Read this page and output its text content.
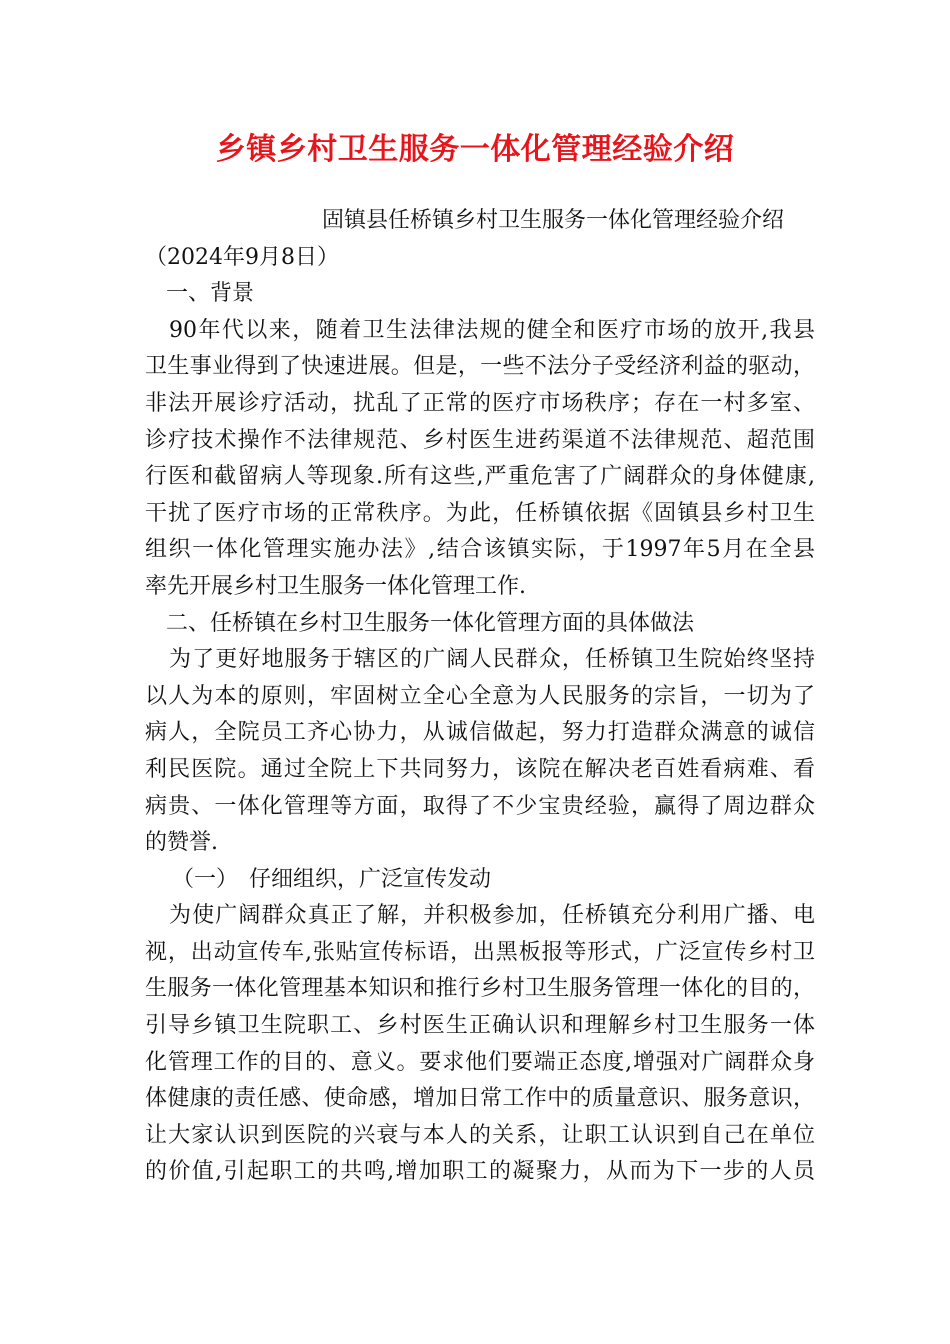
乡镇乡村卫生服务一体化管理经验介绍
固镇县任桥镇乡村卫生服务一体化管理经验介绍
（2024年9月8日）
一、背景
90年代以来，随着卫生法律法规的健全和医疗市场的放开,我县
卫生事业得到了快速进展。但是，一些不法分子受经济利益的驱动，
非法开展诊疗活动，扰乱了正常的医疗市场秩序；存在一村多室、
诊疗技术操作不法律规范、乡村医生进药渠道不法律规范、超范围
行医和截留病人等现象.所有这些,严重危害了广阔群众的身体健康,
干扰了医疗市场的正常秩序。为此，任桥镇依据《固镇县乡村卫生
组织一体化管理实施办法》,结合该镇实际，于1997年5月在全县
率先开展乡村卫生服务一体化管理工作.
二、任桥镇在乡村卫生服务一体化管理方面的具体做法
为了更好地服务于辖区的广阔人民群众，任桥镇卫生院始终坚持
以人为本的原则，牢固树立全心全意为人民服务的宗旨，一切为了
病人，全院员工齐心协力，从诚信做起，努力打造群众满意的诚信
利民医院。通过全院上下共同努力，该院在解决老百姓看病难、看
病贵、一体化管理等方面，取得了不少宝贵经验，赢得了周边群众
的赞誉.
（一）　仔细组织，广泛宣传发动
为使广阔群众真正了解，并积极参加，任桥镇充分利用广播、电
视，出动宣传车,张贴宣传标语，出黑板报等形式，广泛宣传乡村卫
生服务一体化管理基本知识和推行乡村卫生服务管理一体化的目的，
引导乡镇卫生院职工、乡村医生正确认识和理解乡村卫生服务一体
化管理工作的目的、意义。要求他们要端正态度,增强对广阔群众身
体健康的责任感、使命感，增加日常工作中的质量意识、服务意识，
让大家认识到医院的兴衰与本人的关系，让职工认识到自己在单位
的价值,引起职工的共鸣,增加职工的凝聚力，从而为下一步的人员
